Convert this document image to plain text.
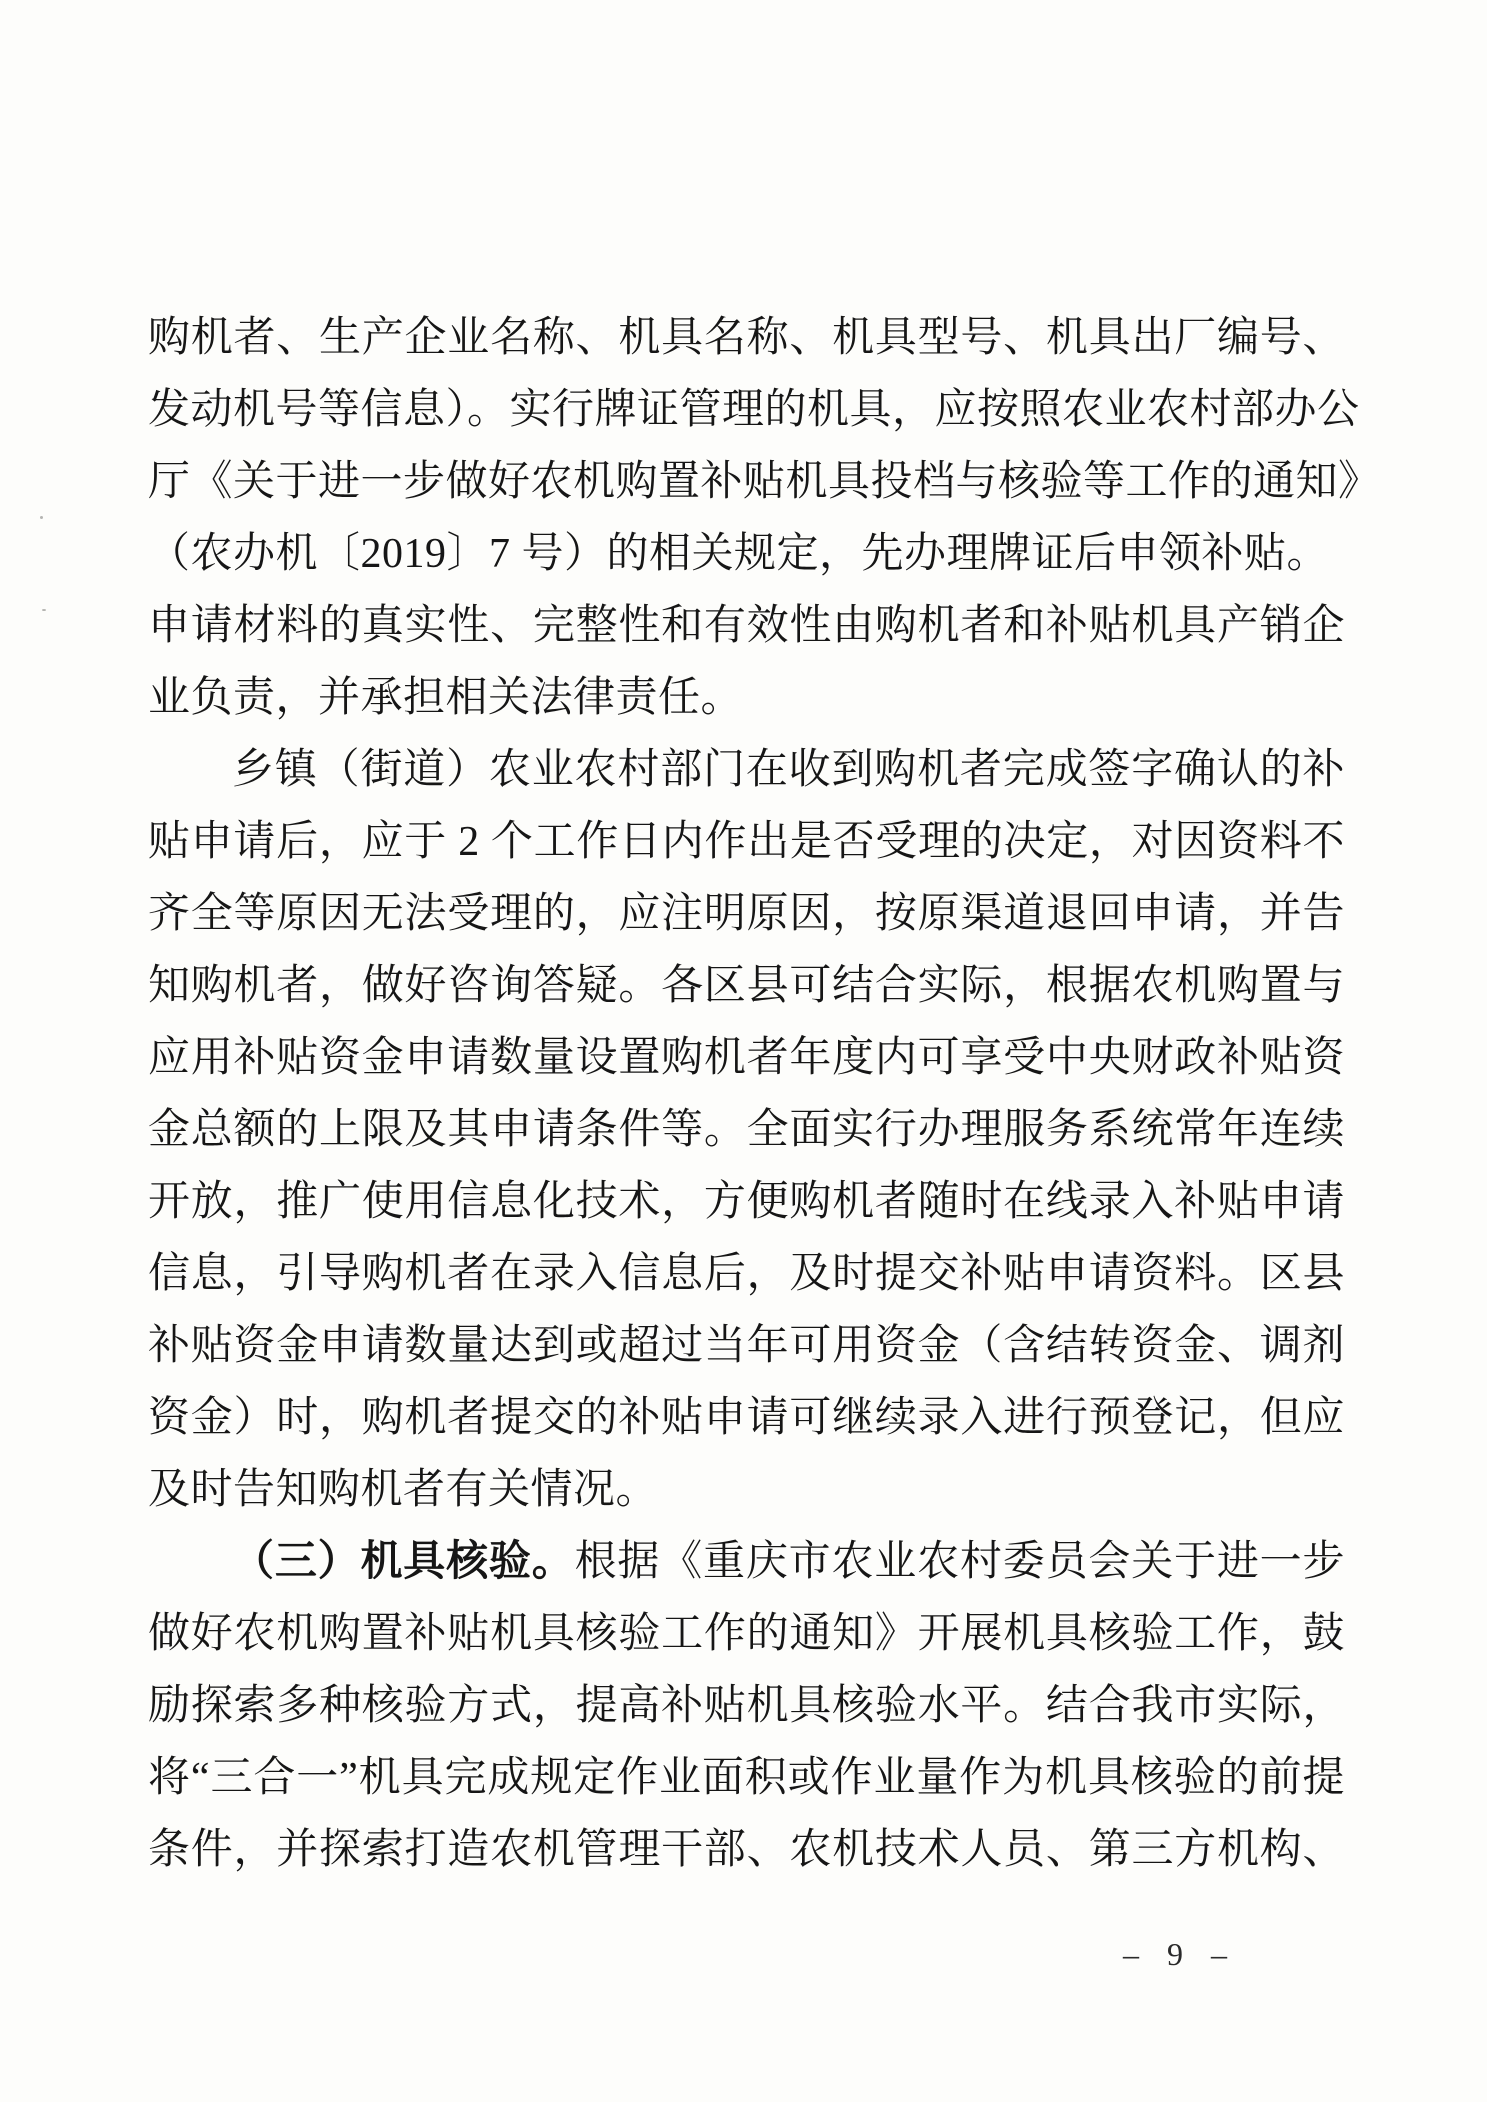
购机者、生产企业名称、机具名称、机具型号、机具出厂编号、
发动机号等信息）。实行牌证管理的机具，应按照农业农村部办公
厅《关于进一步做好农机购置补贴机具投档与核验等工作的通知》
（农办机〔2019〕7 号）的相关规定，先办理牌证后申领补贴。
申请材料的真实性、完整性和有效性由购机者和补贴机具产销企
业负责，并承担相关法律责任。
乡镇（街道）农业农村部门在收到购机者完成签字确认的补
贴申请后，应于 2 个工作日内作出是否受理的决定，对因资料不
齐全等原因无法受理的，应注明原因，按原渠道退回申请，并告
知购机者，做好咨询答疑。各区县可结合实际，根据农机购置与
应用补贴资金申请数量设置购机者年度内可享受中央财政补贴资
金总额的上限及其申请条件等。全面实行办理服务系统常年连续
开放，推广使用信息化技术，方便购机者随时在线录入补贴申请
信息，引导购机者在录入信息后，及时提交补贴申请资料。区县
补贴资金申请数量达到或超过当年可用资金（含结转资金、调剂
资金）时，购机者提交的补贴申请可继续录入进行预登记，但应
及时告知购机者有关情况。
（三）机具核验。根据《重庆市农业农村委员会关于进一步
做好农机购置补贴机具核验工作的通知》开展机具核验工作，鼓
励探索多种核验方式，提高补贴机具核验水平。结合我市实际，
将“三合一”机具完成规定作业面积或作业量作为机具核验的前提
条件，并探索打造农机管理干部、农机技术人员、第三方机构、
– 9 –
